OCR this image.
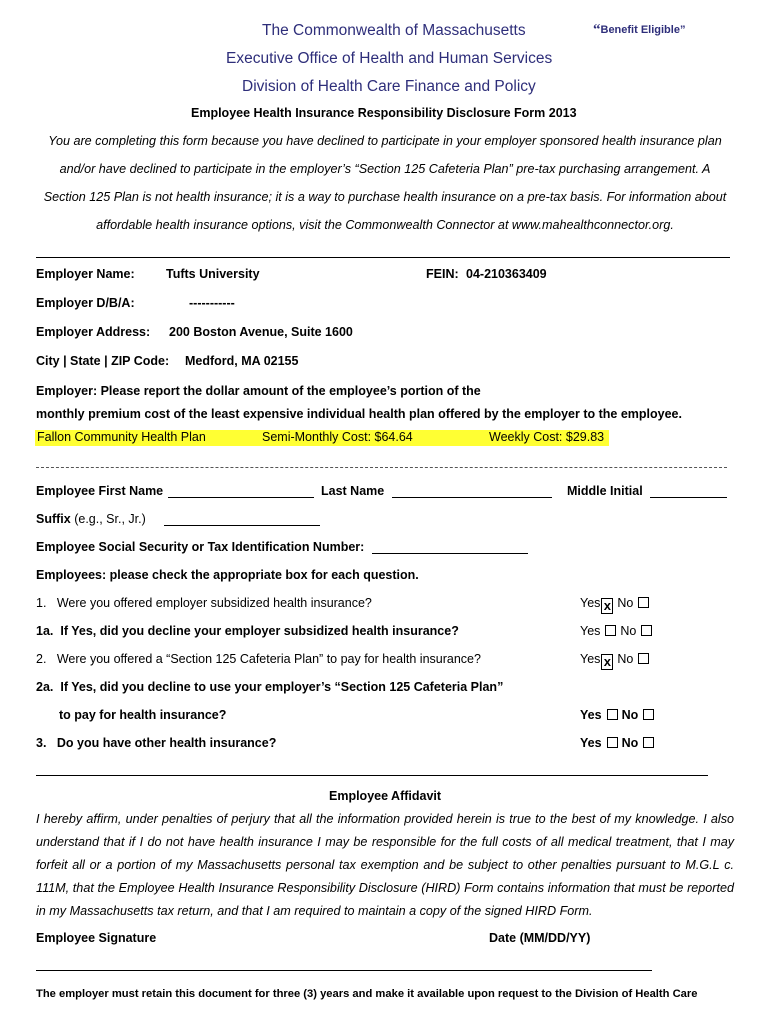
The Commonwealth of Massachusetts	“Benefit Eligible”
Executive Office of Health and Human Services
Division of Health Care Finance and Policy
Employee Health Insurance Responsibility Disclosure Form 2013
You are completing this form because you have declined to participate in your employer sponsored health insurance plan
and/or have declined to participate in the employer’s “Section 125 Cafeteria Plan” pre-tax purchasing arrangement. A
Section 125 Plan is not health insurance; it is a way to purchase health insurance on a pre-tax basis. For information about
affordable health insurance options, visit the Commonwealth Connector at www.mahealthconnector.org.
Employer Name:	Tufts University	FEIN: 04-210363409
Employer D/B/A:	-----------
Employer Address: 200 Boston Avenue, Suite 1600
City | State | ZIP Code: Medford, MA 02155
Employer: Please report the dollar amount of the employee’s portion of the
monthly premium cost of the least expensive individual health plan offered by the employer to the employee.
Fallon Community Health Plan	Semi-Monthly Cost: $64.64	Weekly Cost: $29.83
Employee First Name	Last Name	Middle Initial
Suffix (e.g., Sr., Jr.)
Employee Social Security or Tax Identification Number:
Employees: please check the appropriate box for each question.
1. Were you offered employer subsidized health insurance?	Yes x No
1a. If Yes, did you decline your employer subsidized health insurance?	Yes No
2. Were you offered a “Section 125 Cafeteria Plan” to pay for health insurance?	Yes x No
2a. If Yes, did you decline to use your employer’s “Section 125 Cafeteria Plan”
to pay for health insurance?	Yes No
3. Do you have other health insurance?	Yes No
Employee Affidavit
I hereby affirm, under penalties of perjury that all the information provided herein is true to the best of my knowledge. I also
understand that if I do not have health insurance I may be responsible for the full costs of all medical treatment, that I may
forfeit all or a portion of my Massachusetts personal tax exemption and be subject to other penalties pursuant to M.G.L c.
111M, that the Employee Health Insurance Responsibility Disclosure (HIRD) Form contains information that must be reported
in my Massachusetts tax return, and that I am required to maintain a copy of the signed HIRD Form.
Employee Signature	Date (MM/DD/YY)
The employer must retain this document for three (3) years and make it available upon request to the Division of Health Care
